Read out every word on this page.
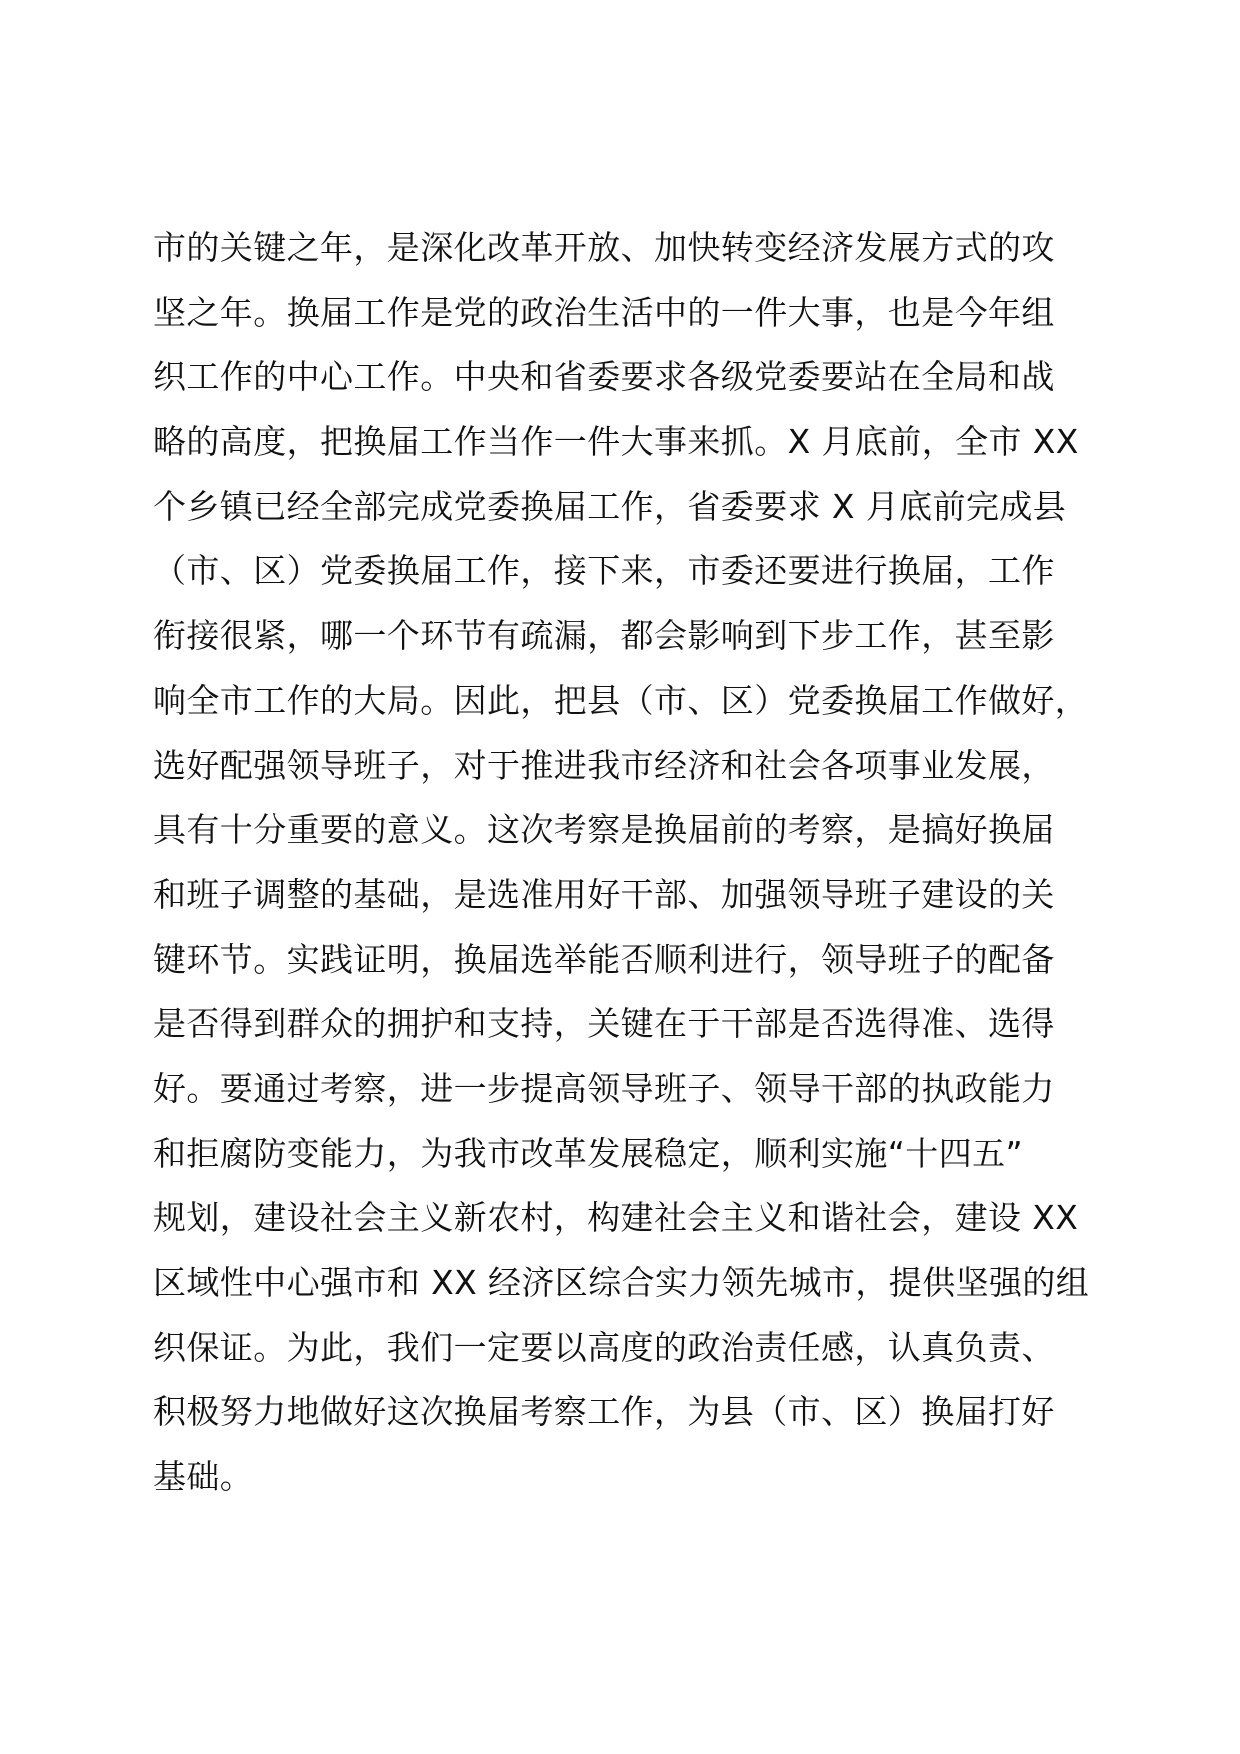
市的关键之年，是深化改革开放、加快转变经济发展方式的攻
坚之年。换届工作是党的政治生活中的一件大事，也是今年组
织工作的中心工作。中央和省委要求各级党委要站在全局和战
略的高度，把换届工作当作一件大事来抓。X 月底前，全市 XX
个乡镇已经全部完成党委换届工作，省委要求 X 月底前完成县
（市、区）党委换届工作，接下来，市委还要进行换届，工作
衔接很紧，哪一个环节有疏漏，都会影响到下步工作，甚至影
响全市工作的大局。因此，把县（市、区）党委换届工作做好，
选好配强领导班子，对于推进我市经济和社会各项事业发展，
具有十分重要的意义。这次考察是换届前的考察，是搞好换届
和班子调整的基础，是选准用好干部、加强领导班子建设的关
键环节。实践证明，换届选举能否顺利进行，领导班子的配备
是否得到群众的拥护和支持，关键在于干部是否选得准、选得
好。要通过考察，进一步提高领导班子、领导干部的执政能力
和拒腐防变能力，为我市改革发展稳定，顺利实施“十四五”
规划，建设社会主义新农村，构建社会主义和谐社会，建设 XX
区域性中心强市和 XX 经济区综合实力领先城市，提供坚强的组
织保证。为此，我们一定要以高度的政治责任感，认真负责、
积极努力地做好这次换届考察工作，为县（市、区）换届打好
基础。
